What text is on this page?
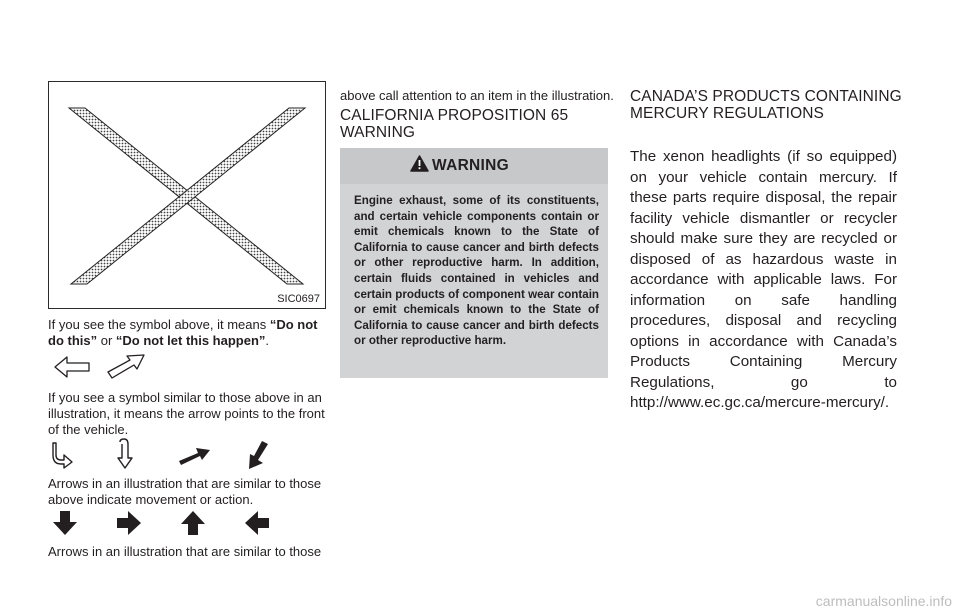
SIC0697
If you see the symbol above, it means “Do not do this” or “Do not let this happen”.
If you see a symbol similar to those above in an illustration, it means the arrow points to the front of the vehicle.
Arrows in an illustration that are similar to those above indicate movement or action.
Arrows in an illustration that are similar to those
above call attention to an item in the illustration.
CALIFORNIA PROPOSITION 65 WARNING
WARNING
Engine exhaust, some of its constituents, and certain vehicle components contain or emit chemicals known to the State of California to cause cancer and birth defects or other reproductive harm. In addition, certain fluids contained in vehicles and certain products of component wear contain or emit chemicals known to the State of California to cause cancer and birth defects or other reproductive harm.
CANADA’S PRODUCTS CONTAINING MERCURY REGULATIONS
The xenon headlights (if so equipped) on your vehicle contain mercury. If these parts require disposal, the repair facility vehicle dismantler or recycler should make sure they are recycled or disposed of as hazardous waste in accordance with applicable laws. For information on safe handling procedures, disposal and recycling options in accordance with Canada’s Products Containing Mercury Regulations, go to http://www.ec.gc.ca/mercure-mercury/.
carmanualsonline.info
